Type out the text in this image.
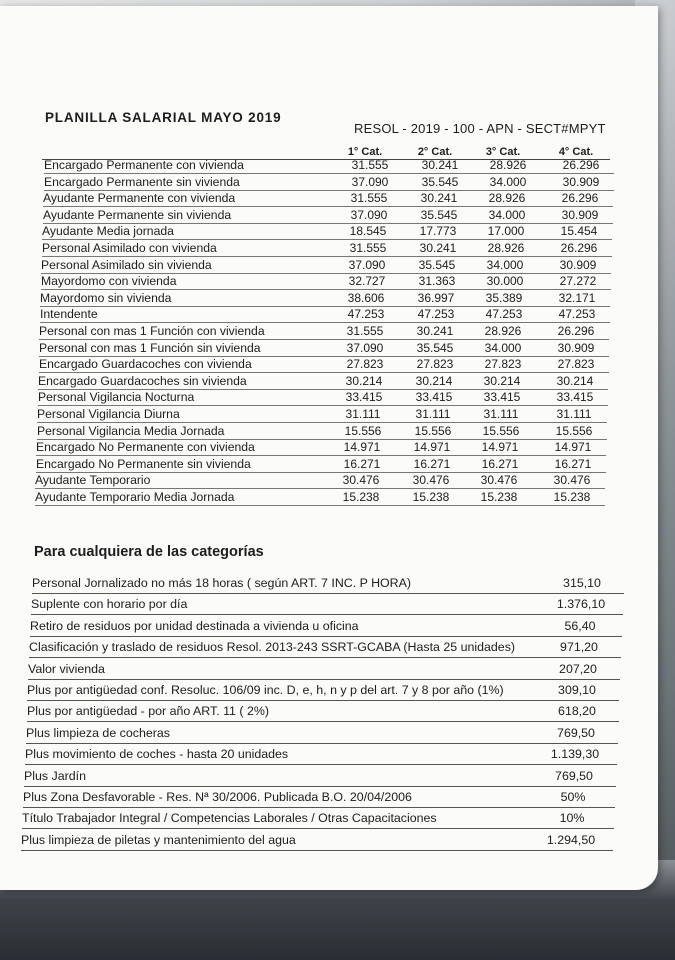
PLANILLA SALARIAL MAYO 2019
RESOL - 2019 - 100 - APN - SECT#MPYT
1° Cat.	2° Cat.	3° Cat.	4° Cat.
Encargado Permanente con vivienda	31.555	30.241	28.926	26.296
Encargado Permanente sin vivienda	37.090	35.545	34.000	30.909
Ayudante Permanente con vivienda	31.555	30.241	28.926	26.296
Ayudante Permanente sin vivienda	37.090	35.545	34.000	30.909
Ayudante Media jornada	18.545	17.773	17.000	15.454
Personal Asimilado con vivienda	31.555	30.241	28.926	26.296
Personal Asimilado sin vivienda	37.090	35.545	34.000	30.909
Mayordomo con vivienda	32.727	31.363	30.000	27.272
Mayordomo sin vivienda	38.606	36.997	35.389	32.171
Intendente	47.253	47.253	47.253	47.253
Personal con mas 1 Función con vivienda	31.555	30.241	28.926	26.296
Personal con mas 1 Función sin vivienda	37.090	35.545	34.000	30.909
Encargado Guardacoches con vivienda	27.823	27.823	27.823	27.823
Encargado Guardacoches sin vivienda	30.214	30.214	30.214	30.214
Personal Vigilancia Nocturna	33.415	33.415	33.415	33.415
Personal Vigilancia Diurna	31.111	31.111	31.111	31.111
Personal Vigilancia Media Jornada	15.556	15.556	15.556	15.556
Encargado No Permanente con vivienda	14.971	14.971	14.971	14.971
Encargado No Permanente sin vivienda	16.271	16.271	16.271	16.271
Ayudante Temporario	30.476	30.476	30.476	30.476
Ayudante Temporario Media Jornada	15.238	15.238	15.238	15.238
Para cualquiera de las categorías
Personal Jornalizado no más 18 horas ( según ART. 7 INC. P HORA)	315,10
Suplente con horario por día	1.376,10
Retiro de residuos por unidad destinada a vivienda u oficina	56,40
Clasificación y traslado de residuos Resol. 2013-243 SSRT-GCABA (Hasta 25 unidades)	971,20
Valor vivienda	207,20
Plus por antigüedad conf. Resoluc. 106/09 inc. D, e, h, n y p del art. 7 y 8 por año (1%)	309,10
Plus por antigüedad - por año ART. 11 ( 2%)	618,20
Plus limpieza de cocheras	769,50
Plus movimiento de coches - hasta 20 unidades	1.139,30
Plus Jardín	769,50
Plus Zona Desfavorable - Res. Nª 30/2006. Publicada B.O. 20/04/2006	50%
Título Trabajador Integral / Competencias Laborales / Otras Capacitaciones	10%
Plus limpieza de piletas y mantenimiento del agua	1.294,50
